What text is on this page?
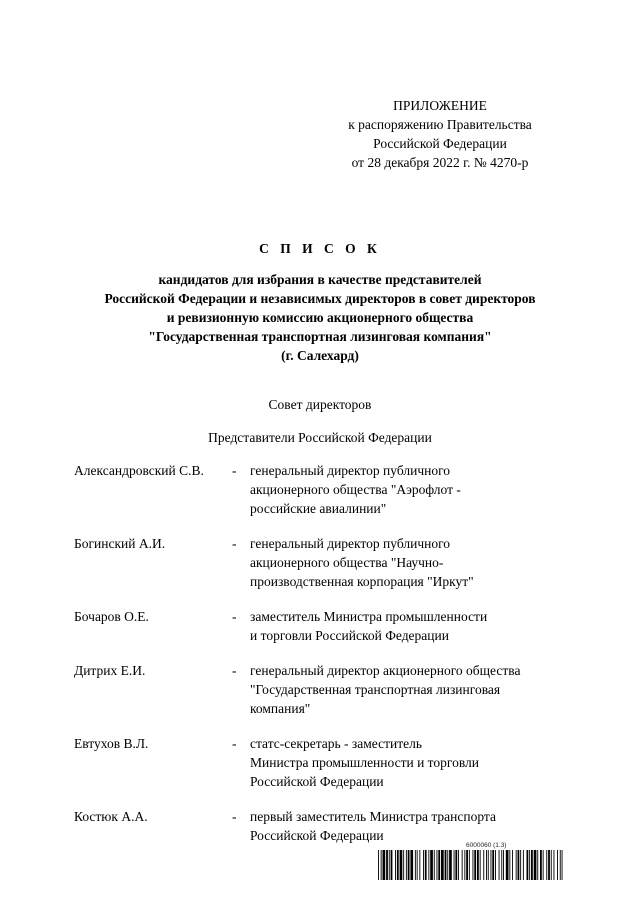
ПРИЛОЖЕНИЕ
к распоряжению Правительства
Российской Федерации
от 28 декабря 2022 г. № 4270-р
С П И С О К
кандидатов для избрания в качестве представителей
Российской Федерации и независимых директоров в совет директоров
и ревизионную комиссию акционерного общества
"Государственная транспортная лизинговая компания"
(г. Салехард)
Совет директоров
Представители Российской Федерации
Александровский С.В.	-	генеральный директор публичного
акционерного общества "Аэрофлот -
российские авиалинии"
Богинский А.И.	-	генеральный директор публичного
акционерного общества "Научно-
производственная корпорация "Иркут"
Бочаров О.Е.	-	заместитель Министра промышленности
и торговли Российской Федерации
Дитрих Е.И.	-	генеральный директор акционерного общества
"Государственная транспортная лизинговая
компания"
Евтухов В.Л.	-	статс-секретарь - заместитель
Министра промышленности и торговли
Российской Федерации
Костюк А.А.	-	первый заместитель Министра транспорта
Российской Федерации
6000060 (1.3)
